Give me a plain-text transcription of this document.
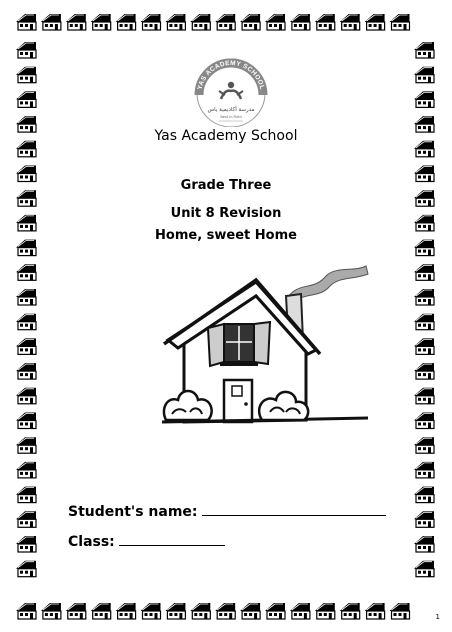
YAS ACADEMY SCHOOL
مدرسة أكاديمية ياس
Best in Field
Yas Academy School
Grade Three
Unit 8 Revision
Home, sweet Home
Student's name:
Class:
1
